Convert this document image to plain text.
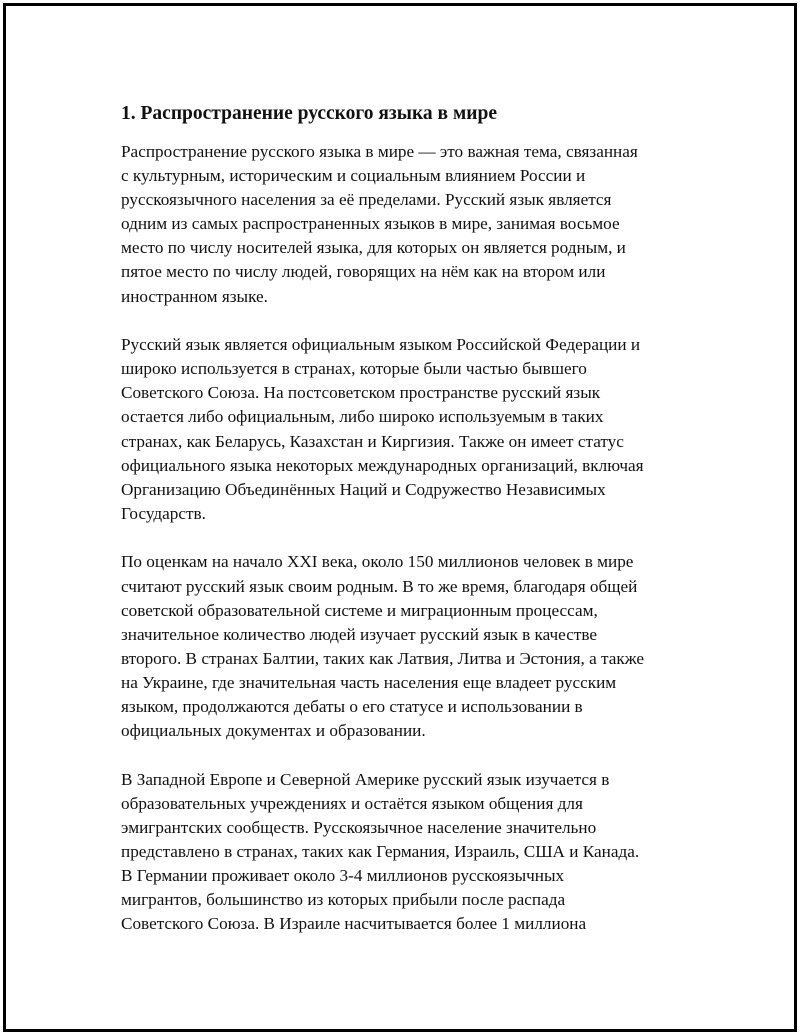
1. Распространение русского языка в мире

Распространение русского языка в мире — это важная тема, связанная
с культурным, историческим и социальным влиянием России и
русскоязычного населения за её пределами. Русский язык является
одним из самых распространенных языков в мире, занимая восьмое
место по числу носителей языка, для которых он является родным, и
пятое место по числу людей, говорящих на нём как на втором или
иностранном языке.

Русский язык является официальным языком Российской Федерации и
широко используется в странах, которые были частью бывшего
Советского Союза. На постсоветском пространстве русский язык
остается либо официальным, либо широко используемым в таких
странах, как Беларусь, Казахстан и Киргизия. Также он имеет статус
официального языка некоторых международных организаций, включая
Организацию Объединённых Наций и Содружество Независимых
Государств.

По оценкам на начало XXI века, около 150 миллионов человек в мире
считают русский язык своим родным. В то же время, благодаря общей
советской образовательной системе и миграционным процессам,
значительное количество людей изучает русский язык в качестве
второго. В странах Балтии, таких как Латвия, Литва и Эстония, а также
на Украине, где значительная часть населения еще владеет русским
языком, продолжаются дебаты о его статусе и использовании в
официальных документах и образовании.

В Западной Европе и Северной Америке русский язык изучается в
образовательных учреждениях и остаётся языком общения для
эмигрантских сообществ. Русскоязычное население значительно
представлено в странах, таких как Германия, Израиль, США и Канада.
В Германии проживает около 3-4 миллионов русскоязычных
мигрантов, большинство из которых прибыли после распада
Советского Союза. В Израиле насчитывается более 1 миллиона
